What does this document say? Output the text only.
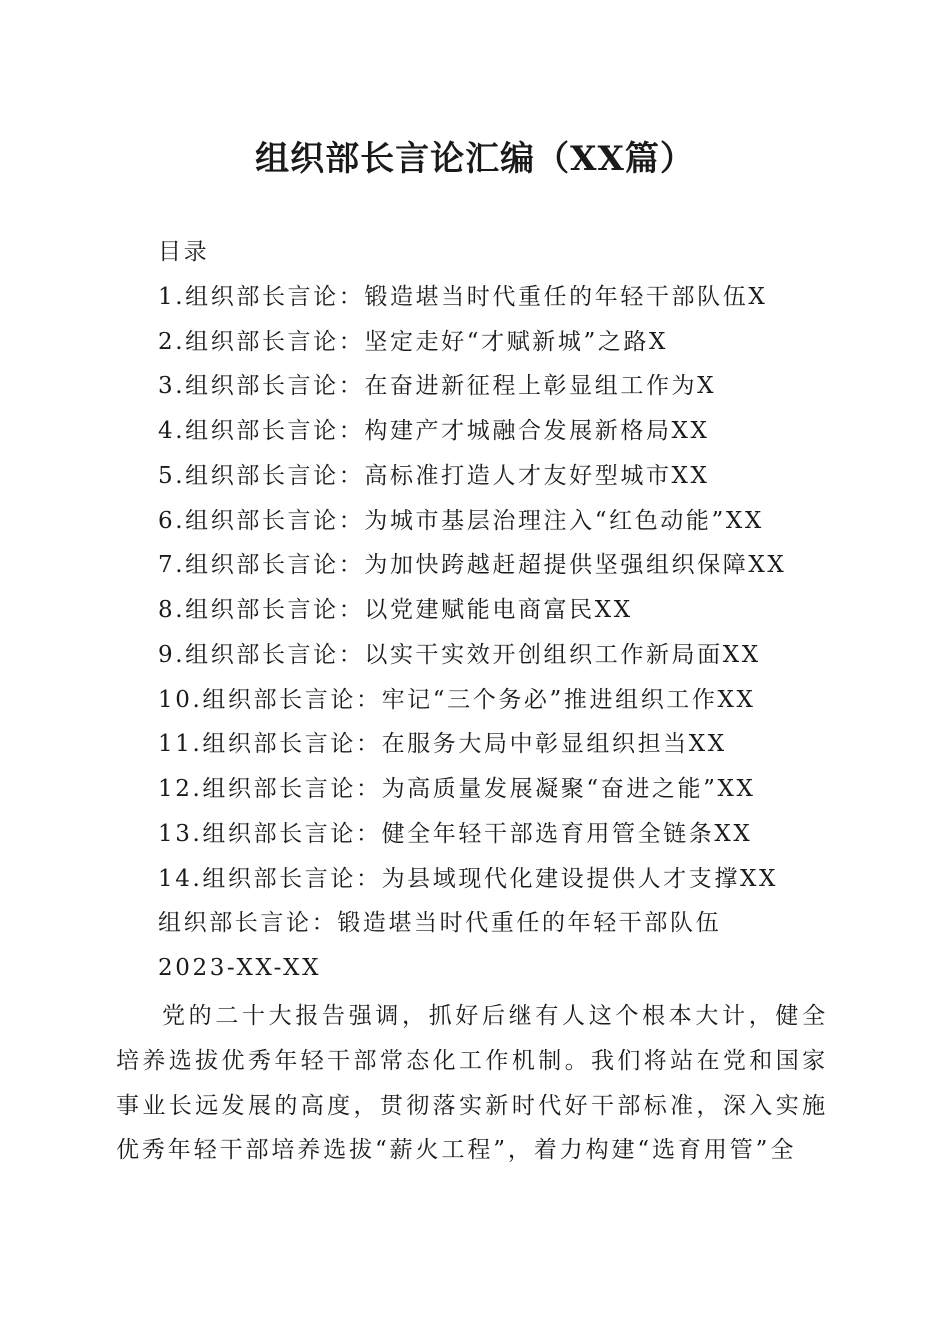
组织部长言论汇编（XX篇）
目录
1.组织部长言论：锻造堪当时代重任的年轻干部队伍X
2.组织部长言论：坚定走好“才赋新城”之路X
3.组织部长言论：在奋进新征程上彰显组工作为X
4.组织部长言论：构建产才城融合发展新格局XX
5.组织部长言论：高标准打造人才友好型城市XX
6.组织部长言论：为城市基层治理注入“红色动能”XX
7.组织部长言论：为加快跨越赶超提供坚强组织保障XX
8.组织部长言论：以党建赋能电商富民XX
9.组织部长言论：以实干实效开创组织工作新局面XX
10.组织部长言论：牢记“三个务必”推进组织工作XX
11.组织部长言论：在服务大局中彰显组织担当XX
12.组织部长言论：为高质量发展凝聚“奋进之能”XX
13.组织部长言论：健全年轻干部选育用管全链条XX
14.组织部长言论：为县域现代化建设提供人才支撑XX
组织部长言论：锻造堪当时代重任的年轻干部队伍
2023-XX-XX

党的二十大报告强调，抓好后继有人这个根本大计，健全培养选拔优秀年轻干部常态化工作机制。我们将站在党和国家事业长远发展的高度，贯彻落实新时代好干部标准，深入实施优秀年轻干部培养选拔“薪火工程”，着力构建“选育用管”全
